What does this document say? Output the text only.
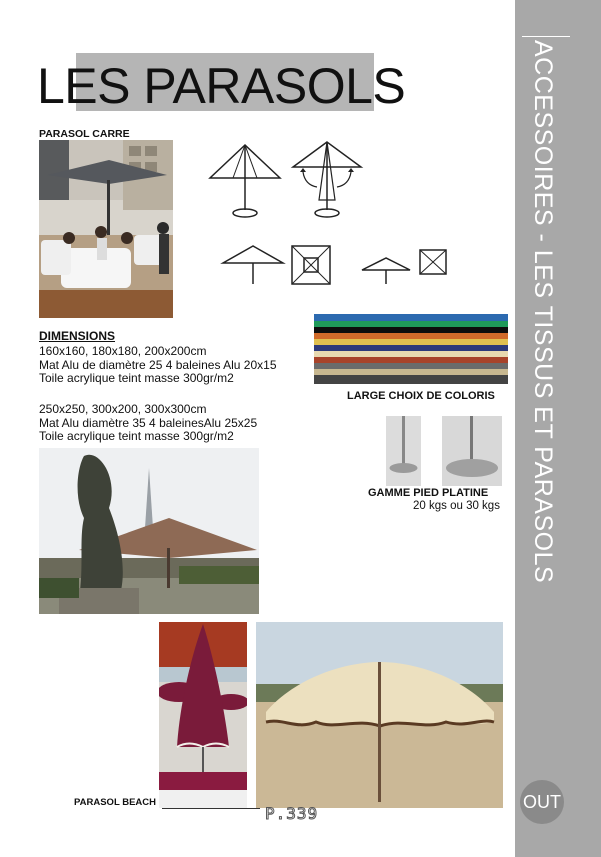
ACCESSOIRES - LES TISSUS ET PARASOLS
OUT
LES PARASOLS
PARASOL CARRE
DIMENSIONS
160x160, 180x180, 200x200cm
Mat Alu de diamètre 25 4 baleines Alu 20x15
Toile acrylique teint masse 300gr/m2
250x250, 300x200, 300x300cm
Mat Alu diamètre 35 4 balеinesAlu 25x25
Toile acrylique teint masse 300gr/m2
LARGE CHOIX DE COLORIS
GAMME PIED PLATINE
20 kgs ou 30 kgs
PARASOL BEACH
P.339
